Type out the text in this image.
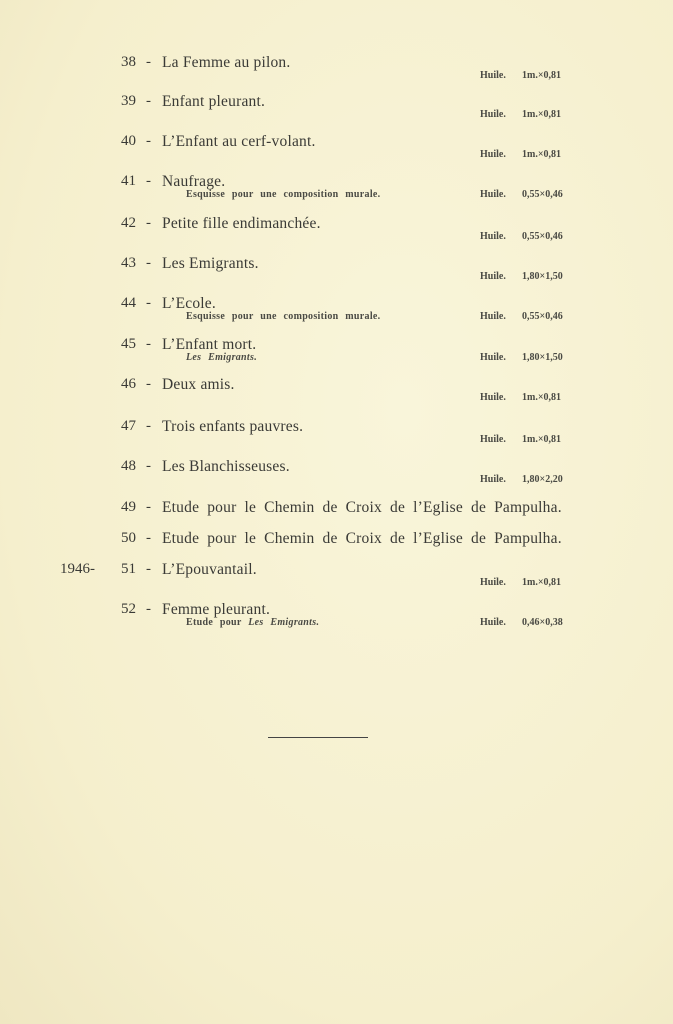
38 - La Femme au pilon.
Huile. 1m.×0,81
39 - Enfant pleurant.
Huile. 1m.×0,81
40 - L’Enfant au cerf-volant.
Huile. 1m.×0,81
41 - Naufrage.
Esquisse pour une composition murale.	Huile. 0,55×0,46
42 - Petite fille endimanchée.
Huile. 0,55×0,46
43 - Les Emigrants.
Huile. 1,80×1,50
44 - L’Ecole.
Esquisse pour une composition murale.	Huile. 0,55×0,46
45 - L’Enfant mort.
Les Emigrants.	Huile. 1,80×1,50
46 - Deux amis.
Huile. 1m.×0,81
47 - Trois enfants pauvres.
Huile. 1m.×0,81
48 - Les Blanchisseuses.
Huile. 1,80×2,20
49 - Etude pour le Chemin de Croix de l’Eglise de Pampulha.
50 - Etude pour le Chemin de Croix de l’Eglise de Pampulha.
1946 -	51 - L’Epouvantail.
Huile. 1m.×0,81
52 - Femme pleurant.
Etude pour Les Emigrants.	Huile. 0,46×0,38
